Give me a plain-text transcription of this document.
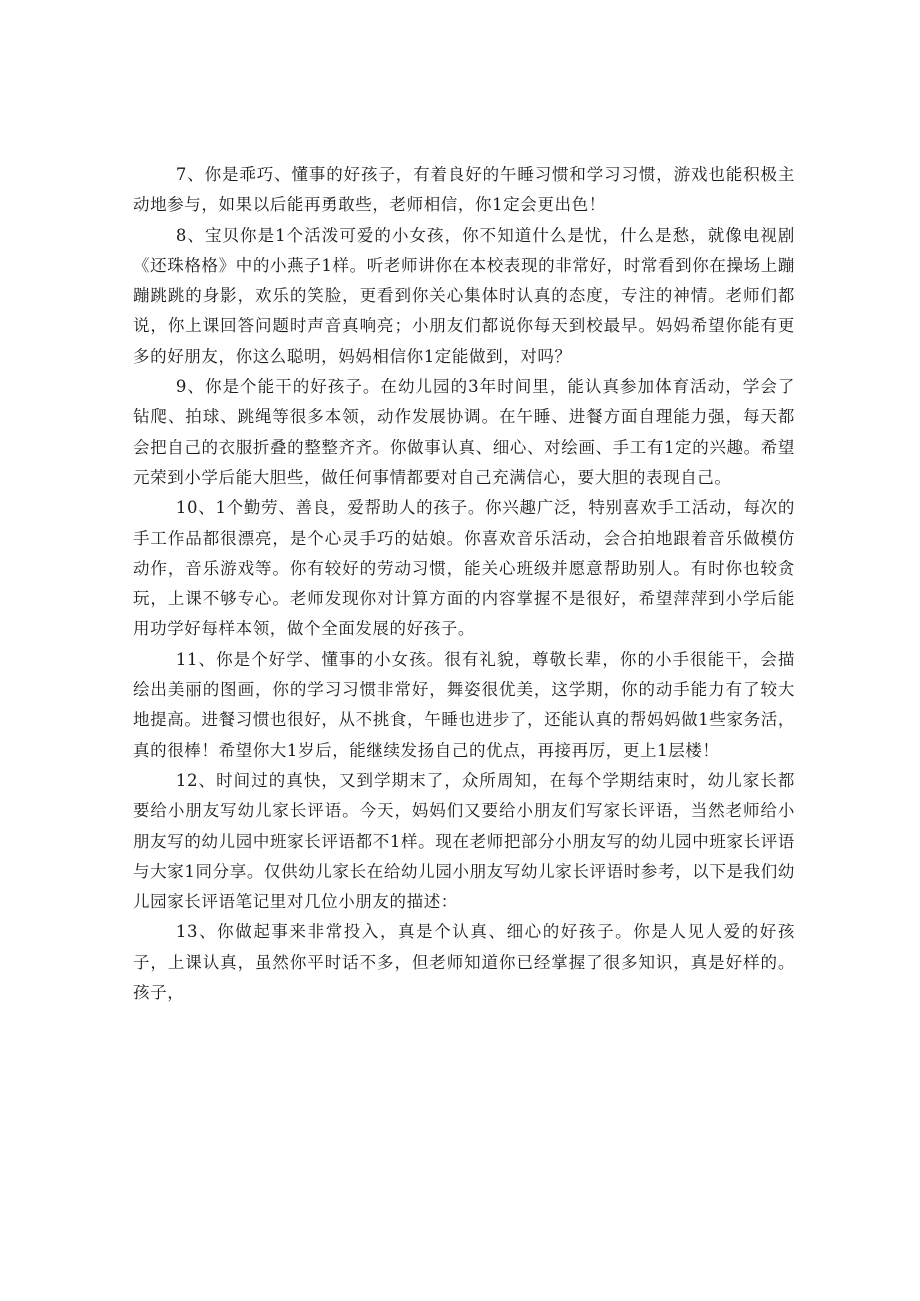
7、你是乖巧、懂事的好孩子，有着良好的午睡习惯和学习习惯，游戏也能积极主动地参与，如果以后能再勇敢些，老师相信，你1定会更出色！

8、宝贝你是1个活泼可爱的小女孩，你不知道什么是忧，什么是愁，就像电视剧《还珠格格》中的小燕子1样。听老师讲你在本校表现的非常好，时常看到你在操场上蹦蹦跳跳的身影，欢乐的笑脸，更看到你关心集体时认真的态度，专注的神情。老师们都说，你上课回答问题时声音真响亮；小朋友们都说你每天到校最早。妈妈希望你能有更多的好朋友，你这么聪明，妈妈相信你1定能做到，对吗？

9、你是个能干的好孩子。在幼儿园的3年时间里，能认真参加体育活动，学会了钻爬、拍球、跳绳等很多本领，动作发展协调。在午睡、进餐方面自理能力强，每天都会把自己的衣服折叠的整整齐齐。你做事认真、细心、对绘画、手工有1定的兴趣。希望元荣到小学后能大胆些，做任何事情都要对自己充满信心，要大胆的表现自己。

10、1个勤劳、善良，爱帮助人的孩子。你兴趣广泛，特别喜欢手工活动，每次的手工作品都很漂亮，是个心灵手巧的姑娘。你喜欢音乐活动，会合拍地跟着音乐做模仿动作，音乐游戏等。你有较好的劳动习惯，能关心班级并愿意帮助别人。有时你也较贪玩，上课不够专心。老师发现你对计算方面的内容掌握不是很好，希望萍萍到小学后能用功学好每样本领，做个全面发展的好孩子。

11、你是个好学、懂事的小女孩。很有礼貌，尊敬长辈，你的小手很能干，会描绘出美丽的图画，你的学习习惯非常好，舞姿很优美，这学期，你的动手能力有了较大地提高。进餐习惯也很好，从不挑食，午睡也进步了，还能认真的帮妈妈做1些家务活，真的很棒！希望你大1岁后，能继续发扬自己的优点，再接再厉，更上1层楼！

12、时间过的真快，又到学期末了，众所周知，在每个学期结束时，幼儿家长都要给小朋友写幼儿家长评语。今天，妈妈们又要给小朋友们写家长评语，当然老师给小朋友写的幼儿园中班家长评语都不1样。现在老师把部分小朋友写的幼儿园中班家长评语与大家1同分享。仅供幼儿家长在给幼儿园小朋友写幼儿家长评语时参考，以下是我们幼儿园家长评语笔记里对几位小朋友的描述：

13、你做起事来非常投入，真是个认真、细心的好孩子。你是人见人爱的好孩子，上课认真，虽然你平时话不多，但老师知道你已经掌握了很多知识，真是好样的。孩子，
